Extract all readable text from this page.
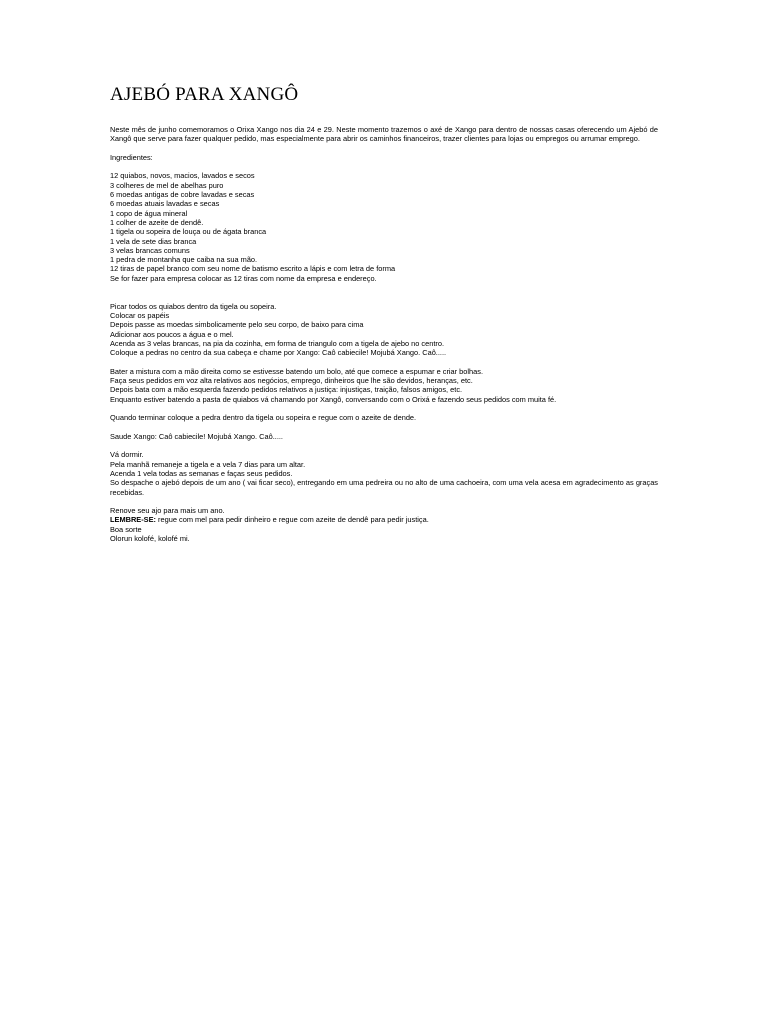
AJEBÓ PARA XANGÔ

Neste mês de junho comemoramos o Orixa Xango nos dia 24 e 29. Neste momento trazemos o axé de Xango para dentro de nossas casas oferecendo um Ajebó de Xangô que serve para fazer qualquer pedido, mas especialmente para abrir os caminhos financeiros, trazer clientes para lojas ou empregos ou arrumar emprego.

Ingredientes:

12 quiabos, novos, macios, lavados e secos

3 colheres de mel de abelhas puro

6 moedas antigas de cobre lavadas e secas

6 moedas atuais lavadas e secas

1 copo de água mineral

1 colher de azeite de dendê.

1 tigela ou sopeira de louça ou de ágata branca

1 vela de sete dias branca

3 velas brancas comuns

1 pedra de montanha que caiba na sua mão.

12 tiras de papel branco com seu nome de batismo escrito a lápis e com letra de forma

Se for fazer para empresa colocar as 12 tiras com nome da empresa e endereço.

Picar todos os quiabos dentro da tigela ou sopeira.

Colocar os papéis

Depois passe as moedas simbolicamente pelo seu corpo, de baixo para cima

Adicionar aos poucos a água e o mel.

Acenda as 3 velas brancas, na pia da cozinha, em forma de triangulo com a tigela de ajebo no centro.

Coloque a pedras no centro da sua cabeça e chame por Xango: Caô cabiecile! Mojubá Xango. Caô.....

Bater a mistura com a mão direita como se estivesse batendo um bolo, até que comece a espumar e criar bolhas.

Faça seus pedidos em voz alta relativos aos negócios, emprego, dinheiros que lhe são devidos, heranças, etc.

Depois bata com a mão esquerda fazendo pedidos relativos a justiça: injustiças, traição, falsos amigos, etc.

Enquanto estiver batendo a pasta de quiabos vá chamando por Xangô, conversando com o Orixá e fazendo seus pedidos com muita fé.

Quando terminar coloque a pedra dentro da tigela ou sopeira e regue com o azeite de dende.

Saude Xango: Caô cabiecile! Mojubá Xango. Caô.....

Vá dormir.

Pela manhã remaneje a tigela e a vela 7 dias para um altar.

Acenda 1 vela todas as semanas e faças seus pedidos.

So despache o ajebó depois de um ano ( vai ficar seco), entregando em uma pedreira ou no alto de uma cachoeira, com uma vela acesa em agradecimento as graças recebidas.

Renove seu ajo para mais um ano.

LEMBRE-SE: regue com mel para pedir dinheiro e regue com azeite de dendê para pedir justiça.

Boa sorte

Olorun kolofé, kolofé mi.
